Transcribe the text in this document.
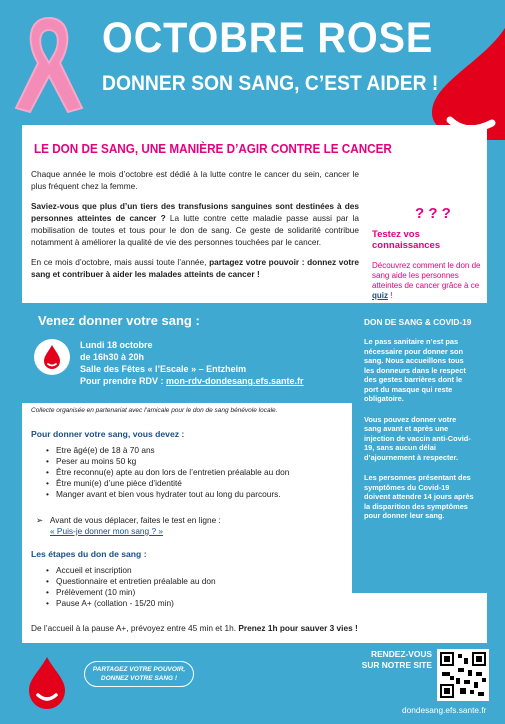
OCTOBRE ROSE
DONNER SON SANG, C’EST AIDER !
LE DON DE SANG, UNE MANIÈRE D’AGIR CONTRE LE CANCER

Chaque année le mois d’octobre est dédié à la lutte contre le cancer du sein, cancer le plus fréquent chez la femme.

Saviez-vous que plus d’un tiers des transfusions sanguines sont destinées à des personnes atteintes de cancer ? La lutte contre cette maladie passe aussi par la mobilisation de toutes et tous pour le don de sang. Ce geste de solidarité contribue notamment à améliorer la qualité de vie des personnes touchées par le cancer.

En ce mois d’octobre, mais aussi toute l’année, partagez votre pouvoir : donnez votre sang et contribuer à aider les malades atteints de cancer !

? ? ?
Testez vos connaissances
Découvrez comment le don de sang aide les personnes atteintes de cancer grâce à ce quiz !
Venez donner votre sang :
Lundi 18 octobre
de 16h30 à 20h
Salle des Fêtes « l’Escale » – Entzheim
Pour prendre RDV : mon-rdv-dondesang.efs.sante.fr
DON DE SANG & COVID-19

Le pass sanitaire n’est pas nécessaire pour donner son sang. Nous accueillons tous les donneurs dans le respect des gestes barrières dont le port du masque qui reste obligatoire.

Vous pouvez donner votre sang avant et après une injection de vaccin anti-Covid-19, sans aucun délai d’ajournement à respecter.

Les personnes présentant des symptômes du Covid-19 doivent attendre 14 jours après la disparition des symptômes pour donner leur sang.

Collecte organisée en partenariat avec l’amicale pour le don de sang bénévole locale.
Pour donner votre sang, vous devez :
• Etre âgé(e) de 18 à 70 ans
• Peser au moins 50 kg
• Être reconnu(e) apte au don lors de l’entretien préalable au don
• Être muni(e) d’une pièce d’identité
• Manger avant et bien vous hydrater tout au long du parcours.
➢   Avant de vous déplacer, faites le test en ligne :
« Puis-je donner mon sang ? »
Les étapes du don de sang :
• Accueil et inscription
• Questionnaire et entretien préalable au don
• Prélèvement (10 min)
• Pause A+ (collation - 15/20 min)
De l’accueil à la pause A+, prévoyez entre 45 min et 1h. Prenez 1h pour sauver 3 vies !
PARTAGEZ VOTRE POUVOIR, DONNEZ VOTRE SANG !
RENDEZ-VOUS SUR NOTRE SITE
dondesang.efs.sante.fr
